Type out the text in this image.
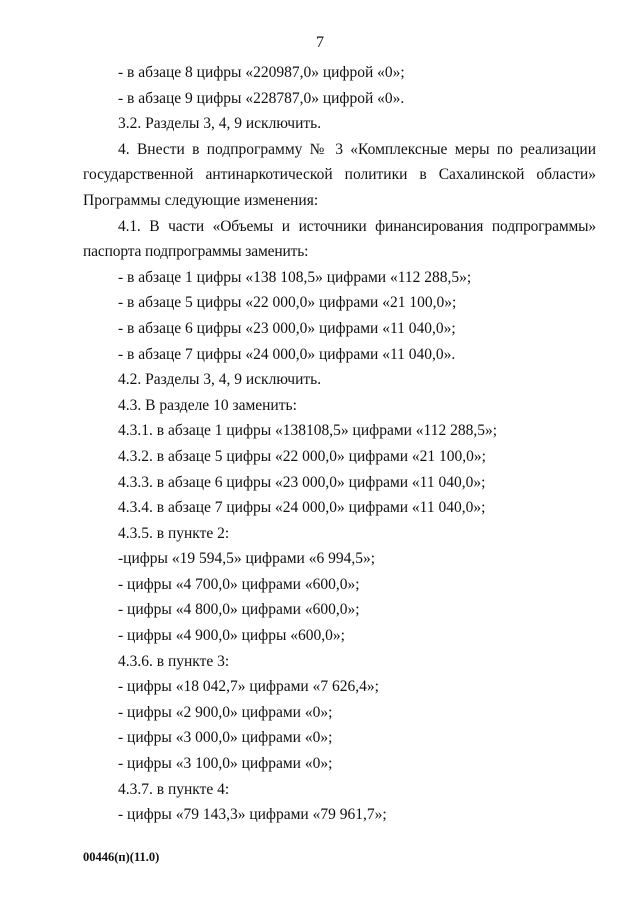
7

- в абзаце 8 цифры «220987,0» цифрой «0»;

- в абзаце 9 цифры «228787,0» цифрой «0».

3.2. Разделы 3, 4, 9 исключить.

4. Внести в подпрограмму № 3 «Комплексные меры по реализации государственной антинаркотической политики в Сахалинской области» Программы следующие изменения:

4.1. В части «Объемы и источники финансирования подпрограммы» паспорта подпрограммы заменить:

- в абзаце 1 цифры «138 108,5» цифрами «112 288,5»;

- в абзаце 5 цифры «22 000,0» цифрами «21 100,0»;

- в абзаце 6 цифры «23 000,0» цифрами «11 040,0»;

- в абзаце 7 цифры «24 000,0» цифрами «11 040,0».

4.2. Разделы 3, 4, 9 исключить.

4.3. В разделе 10 заменить:

4.3.1. в абзаце 1 цифры «138108,5» цифрами «112 288,5»;

4.3.2. в абзаце 5 цифры «22 000,0» цифрами «21 100,0»;

4.3.3. в абзаце 6 цифры «23 000,0» цифрами «11 040,0»;

4.3.4. в абзаце 7 цифры «24 000,0» цифрами «11 040,0»;

4.3.5. в пункте 2:

-цифры «19 594,5» цифрами «6 994,5»;

- цифры «4 700,0» цифрами «600,0»;

- цифры «4 800,0» цифрами «600,0»;

- цифры «4 900,0» цифры «600,0»;

4.3.6. в пункте 3:

- цифры «18 042,7» цифрами «7 626,4»;

- цифры «2 900,0» цифрами «0»;

- цифры «3 000,0» цифрами «0»;

- цифры «3 100,0» цифрами «0»;

4.3.7. в пункте 4:

- цифры «79 143,3» цифрами «79 961,7»;

00446(п)(11.0)
